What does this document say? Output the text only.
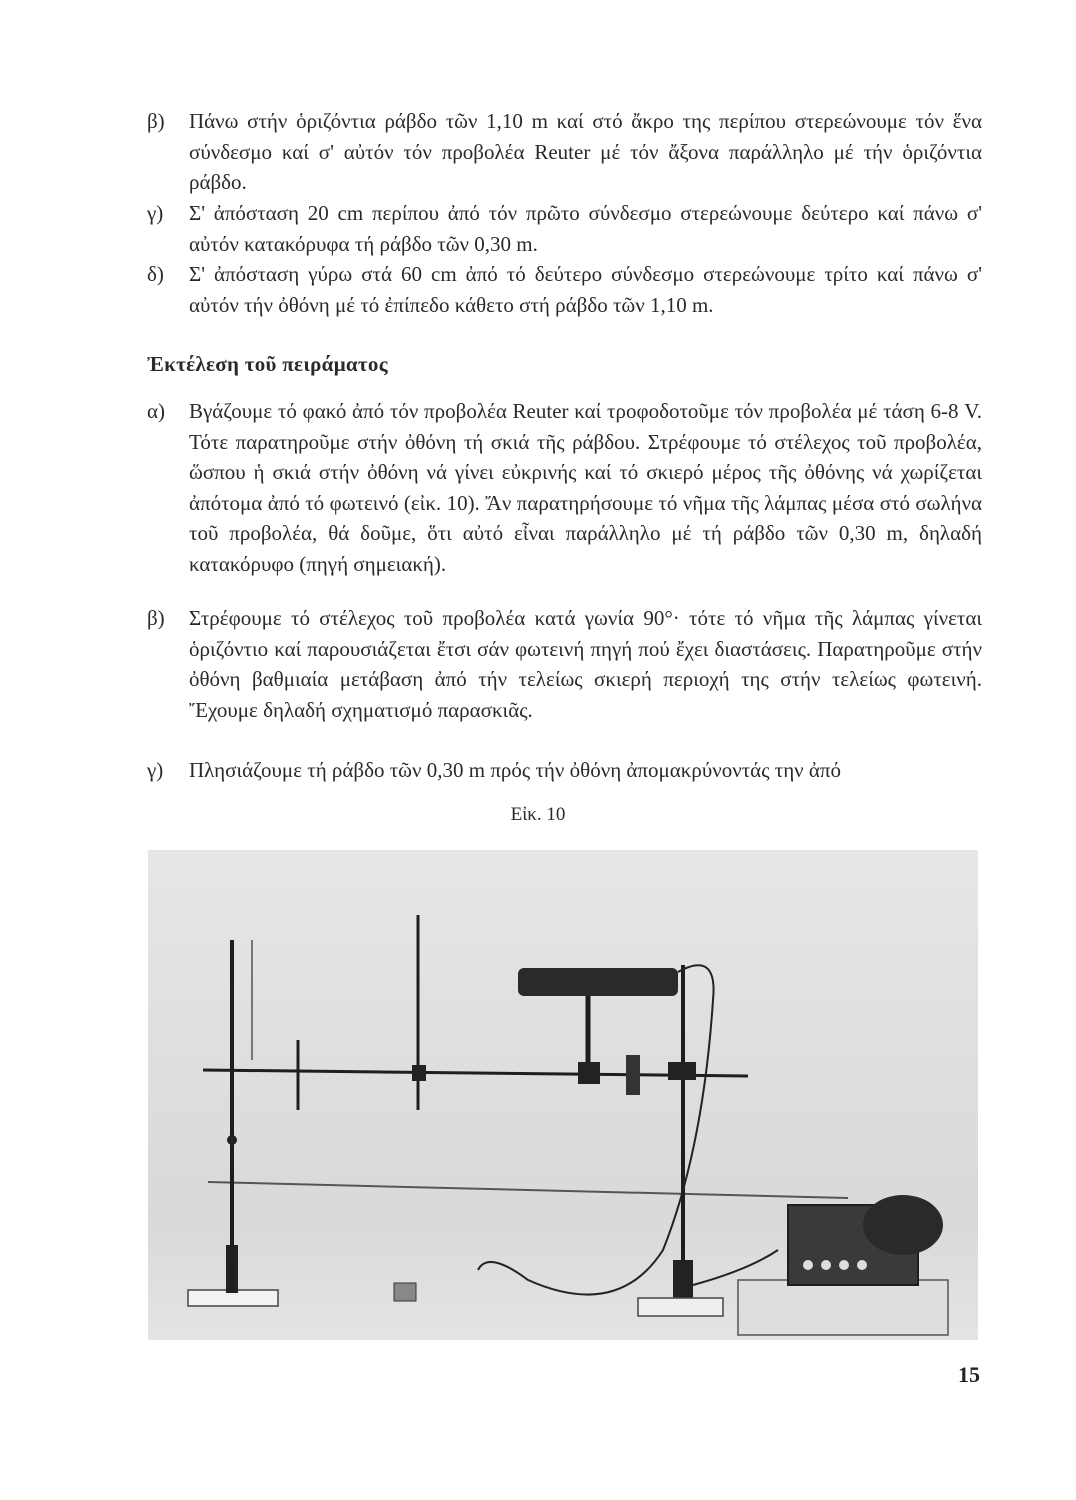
β)	Πάνω στήν ὁριζόντια ράβδο τῶν 1,10 m καί στό ἄκρο της περίπου στερεώνουμε τόν ἕνα σύνδεσμο καί σ' αὐτόν τόν προβολέα Reuter μέ τόν ἄξονα παράλληλο μέ τήν ὁριζόντια ράβδο.
γ)	Σ' ἀπόσταση 20 cm περίπου ἀπό τόν πρῶτο σύνδεσμο στερεώνουμε δεύτερο καί πάνω σ' αὐτόν κατακόρυφα τή ράβδο τῶν 0,30 m.
δ)	Σ' ἀπόσταση γύρω στά 60 cm ἀπό τό δεύτερο σύνδεσμο στερεώνουμε τρίτο καί πάνω σ' αὐτόν τήν ὀθόνη μέ τό ἐπίπεδο κάθετο στή ράβδο τῶν 1,10 m.
Ἐκτέλεση τοῦ πειράματος
α)	Βγάζουμε τό φακό ἀπό τόν προβολέα Reuter καί τροφοδοτοῦμε τόν προβολέα μέ τάση 6-8 V. Τότε παρατηροῦμε στήν ὀθόνη τή σκιά τῆς ράβδου. Στρέφουμε τό στέλεχος τοῦ προβολέα, ὥσπου ἡ σκιά στήν ὀθόνη νά γίνει εὐκρινής καί τό σκιερό μέρος τῆς ὀθόνης νά χωρίζεται ἀπότομα ἀπό τό φωτεινό (εἰκ. 10). Ἄν παρατηρήσουμε τό νῆμα τῆς λάμπας μέσα στό σωλήνα τοῦ προβολέα, θά δοῦμε, ὅτι αὐτό εἶναι παράλληλο μέ τή ράβδο τῶν 0,30 m, δηλαδή κατακόρυφο (πηγή σημειακή).
β)	Στρέφουμε τό στέλεχος τοῦ προβολέα κατά γωνία 90°· τότε τό νῆμα τῆς λάμπας γίνεται ὁριζόντιο καί παρουσιάζεται ἔτσι σάν φωτεινή πηγή πού ἔχει διαστάσεις. Παρατηροῦμε στήν ὀθόνη βαθμιαία μετάβαση ἀπό τήν τελείως σκιερή περιοχή της στήν τελείως φωτεινή. Ἔχουμε δηλαδή σχηματισμό παρασκιᾶς.
γ)	Πλησιάζουμε τή ράβδο τῶν 0,30 m πρός τήν ὀθόνη ἀπομακρύνοντάς την ἀπό
Εἰκ. 10
15
